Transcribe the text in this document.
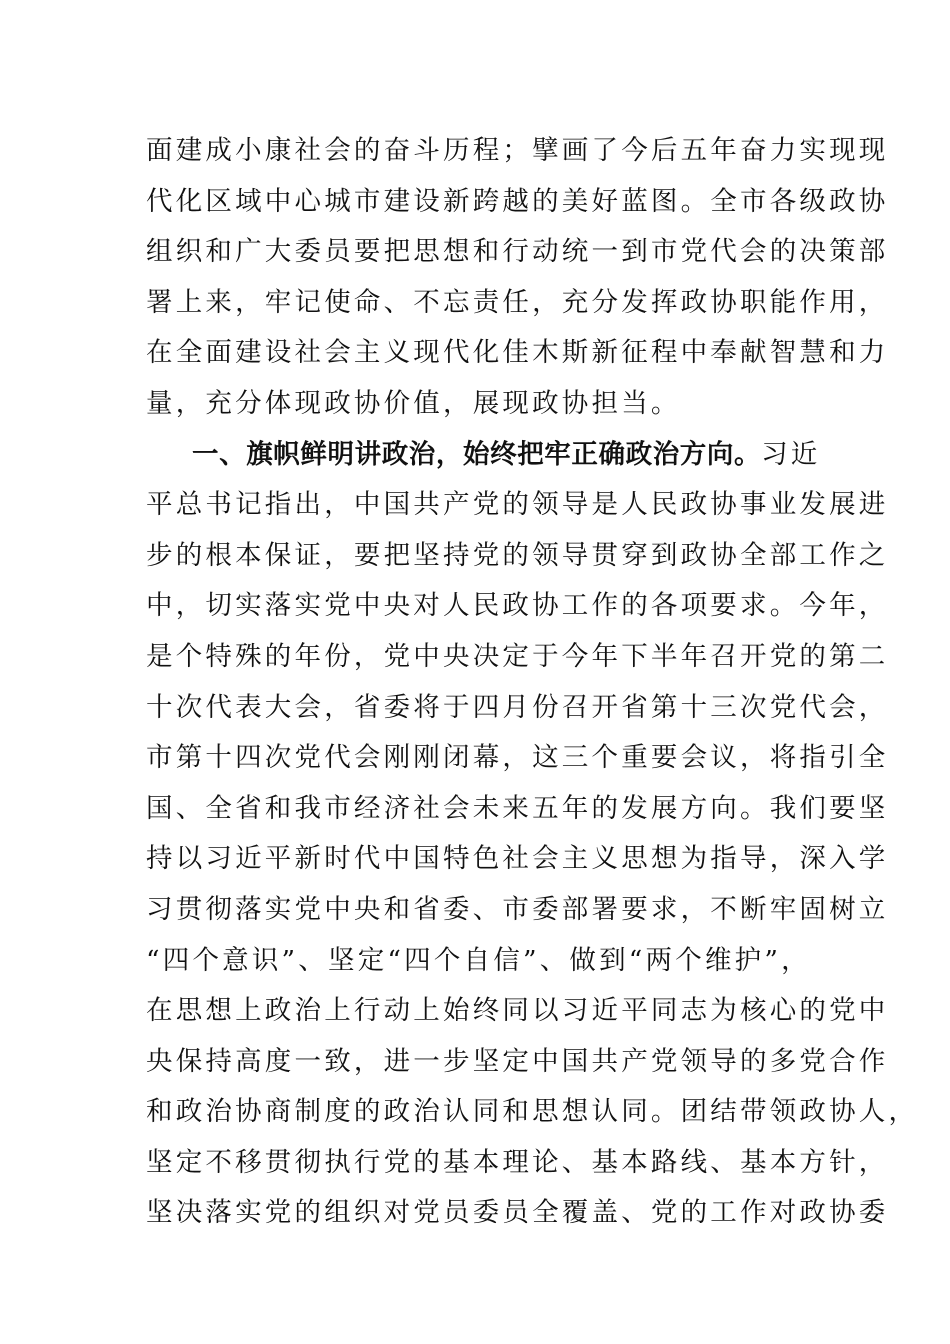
面建成小康社会的奋斗历程；擘画了今后五年奋力实现现
代化区域中心城市建设新跨越的美好蓝图。全市各级政协
组织和广大委员要把思想和行动统一到市党代会的决策部
署上来，牢记使命、不忘责任，充分发挥政协职能作用，
在全面建设社会主义现代化佳木斯新征程中奉献智慧和力
量，充分体现政协价值，展现政协担当。
一、旗帜鲜明讲政治，始终把牢正确政治方向。习近
平总书记指出，中国共产党的领导是人民政协事业发展进
步的根本保证，要把坚持党的领导贯穿到政协全部工作之
中，切实落实党中央对人民政协工作的各项要求。今年，
是个特殊的年份，党中央决定于今年下半年召开党的第二
十次代表大会，省委将于四月份召开省第十三次党代会，
市第十四次党代会刚刚闭幕，这三个重要会议，将指引全
国、全省和我市经济社会未来五年的发展方向。我们要坚
持以习近平新时代中国特色社会主义思想为指导，深入学
习贯彻落实党中央和省委、市委部署要求，不断牢固树立
“四个意识”、坚定“四个自信”、做到“两个维护”，
在思想上政治上行动上始终同以习近平同志为核心的党中
央保持高度一致，进一步坚定中国共产党领导的多党合作
和政治协商制度的政治认同和思想认同。团结带领政协人，
坚定不移贯彻执行党的基本理论、基本路线、基本方针，
坚决落实党的组织对党员委员全覆盖、党的工作对政协委
